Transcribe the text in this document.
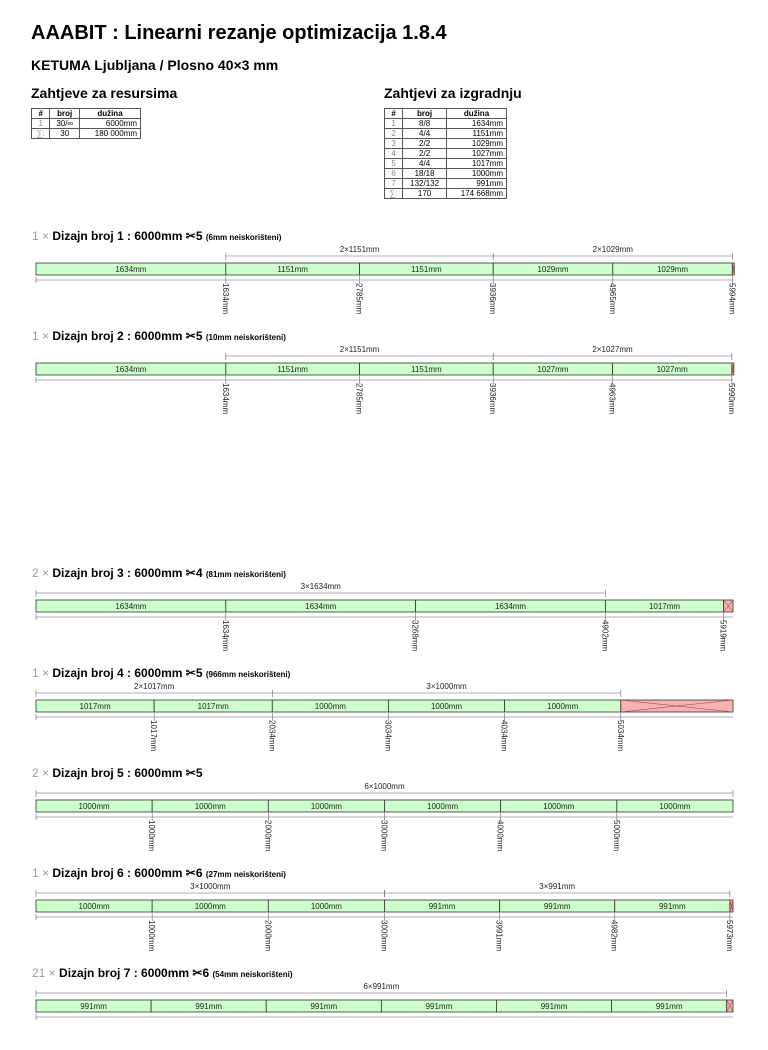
AAABIT : Linearni rezanje optimizacija 1.8.4
KETUMA Ljubljana / Plosno 40×3 mm
Zahtjeve za resursima
#	broj	dužina
1	30/∞	6000mm
∑:	30	180 000mm
Zahtjevi za izgradnju
#	broj	dužina
1	8/8	1634mm
2	4/4	1151mm
3	2/2	1029mm
4	2/2	1027mm
5	4/4	1017mm
6	18/18	1000mm
7	132/132	991mm
∑:	170	174 668mm
1 × Dizajn broj 1 : 6000mm ✂5 (6mm neiskorišteni)
2×1151mm	2×1029mm
1634mm	1151mm	1151mm	1029mm	1029mm
1634mm	2785mm	3936mm	4965mm	5994mm
1 × Dizajn broj 2 : 6000mm ✂5 (10mm neiskorišteni)
2×1151mm	2×1027mm
1634mm	1151mm	1151mm	1027mm	1027mm
1634mm	2785mm	3936mm	4963mm	5990mm
2 × Dizajn broj 3 : 6000mm ✂4 (81mm neiskorišteni)
3×1634mm
1634mm	1634mm	1634mm	1017mm
1634mm	3268mm	4902mm	5919mm
1 × Dizajn broj 4 : 6000mm ✂5 (966mm neiskorišteni)
2×1017mm	3×1000mm
1017mm	1017mm	1000mm	1000mm	1000mm
1017mm	2034mm	3034mm	4034mm	5034mm
2 × Dizajn broj 5 : 6000mm ✂5
6×1000mm
1000mm	1000mm	1000mm	1000mm	1000mm	1000mm
1000mm	2000mm	3000mm	4000mm	5000mm
1 × Dizajn broj 6 : 6000mm ✂6 (27mm neiskorišteni)
3×1000mm	3×991mm
1000mm	1000mm	1000mm	991mm	991mm	991mm
1000mm	2000mm	3000mm	3991mm	4982mm	5973mm
21 × Dizajn broj 7 : 6000mm ✂6 (54mm neiskorišteni)
6×991mm
991mm	991mm	991mm	991mm	991mm	991mm
